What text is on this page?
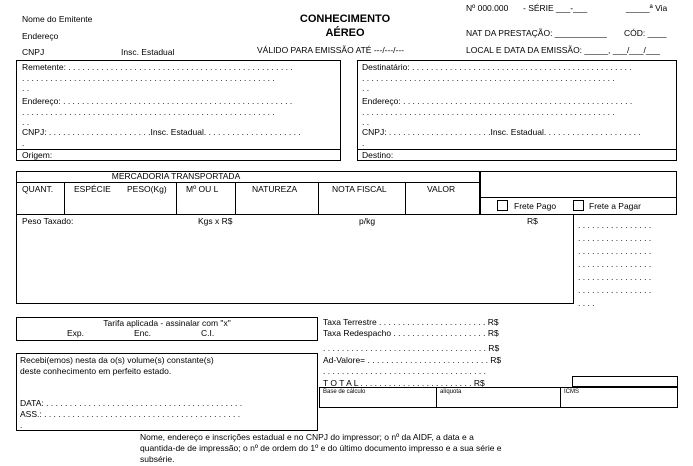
Nome do Emitente
Endereço
CNPJ	Insc. Estadual
CONHECIMENTO
AÉREO
VÁLIDO PARA EMISSÃO ATÉ ---/---/---
Nº 000.000 - SÉRIE ___-___	_____ª Via
NAT DA PRESTAÇÃO: ___________ CÓD: ____
LOCAL E DATA DA EMISSÃO: _____, ___/___/___
Remetente: . . . . . . . . . . . . . . . . . . . . . . . . . . . . . . . . . . . . . . . . . . . . . . . .
. . . . . . . . . . . . . . . . . . . . . . . . . . . . . . . . . . . . . . . . . . . . . . . . . . . . . .
. .
Endereço: . . . . . . . . . . . . . . . . . . . . . . . . . . . . . . . . . . . . . . . . . . . . . . . . .
. . . . . . . . . . . . . . . . . . . . . . . . . . . . . . . . . . . . . . . . . . . . . . . . . . . . . .
. .
CNPJ: . . . . . . . . . . . . . . . . . . . . . .Insc. Estadual. . . . . . . . . . . . . . . . . . . . .
.
Origem:
Destinatário: . . . . . . . . . . . . . . . . . . . . . . . . . . . . . . . . . . . . . . . . . . . . . . .
. . . . . . . . . . . . . . . . . . . . . . . . . . . . . . . . . . . . . . . . . . . . . . . . . . . . . .
. .
Endereço: . . . . . . . . . . . . . . . . . . . . . . . . . . . . . . . . . . . . . . . . . . . . . . . . .
. . . . . . . . . . . . . . . . . . . . . . . . . . . . . . . . . . . . . . . . . . . . . . . . . . . . . .
. .
CNPJ: . . . . . . . . . . . . . . . . . . . . . .Insc. Estadual. . . . . . . . . . . . . . . . . . . . .
.
Destino:
MERCADORIA TRANSPORTADA
QUANT. ESPÉCIE PESO(Kg) Mº OU L	NATUREZA	NOTA FISCAL	VALOR
Frete Pago	Frete a Pagar
Peso Taxado:	Kgs x R$	p/kg	R$	. . . . . . . . . . . . . . . .
. . . . . . . . . . . . . . . .
. . . . . . . . . . . . . . . .
. . . . . . . . . . . . . . . .
. . . . . . . . . . . . . . . .
. . . . . . . . . . . . . . . .
. . . .
Tarifa aplicada - assinalar com "x"
Exp.	Enc.	C.I.
Recebi(emos) nesta da o(s) volume(s) constante(s)
deste conhecimento em perfeito estado.
DATA: . . . . . . . . . . . . . . . . . . . . . . . . . . . . . . . . . . . . . . . . . .
ASS.: . . . . . . . . . . . . . . . . . . . . . . . . . . . . . . . . . . . . . . . . . .
.
Taxa Terrestre . . . . . . . . . . . . . . . . . . . . . . . R$
Taxa Redespacho . . . . . . . . . . . . . . . . . . . . R$
. . . . . . . . . . . . . . . . . . . . . . . . . . . . . . . . . . . R$
Ad-Valore= . . . . . . . . . . . . . . . . . . . . . . . . . . R$
. . . . . . . . . . . . . . . . . . . . . . . . . . . . . . . . . . .
T O T A L . . . . . . . . . . . . . . . . . . . . . . . . R$
Base de cálculo	alíquota	ICMS
Nome, endereço e inscrições estadual e no CNPJ do impressor; o nº da AIDF, a data e a
quantida-de de impressão; o nº de ordem do 1º e do último documento impresso e a sua série e
subsérie.
